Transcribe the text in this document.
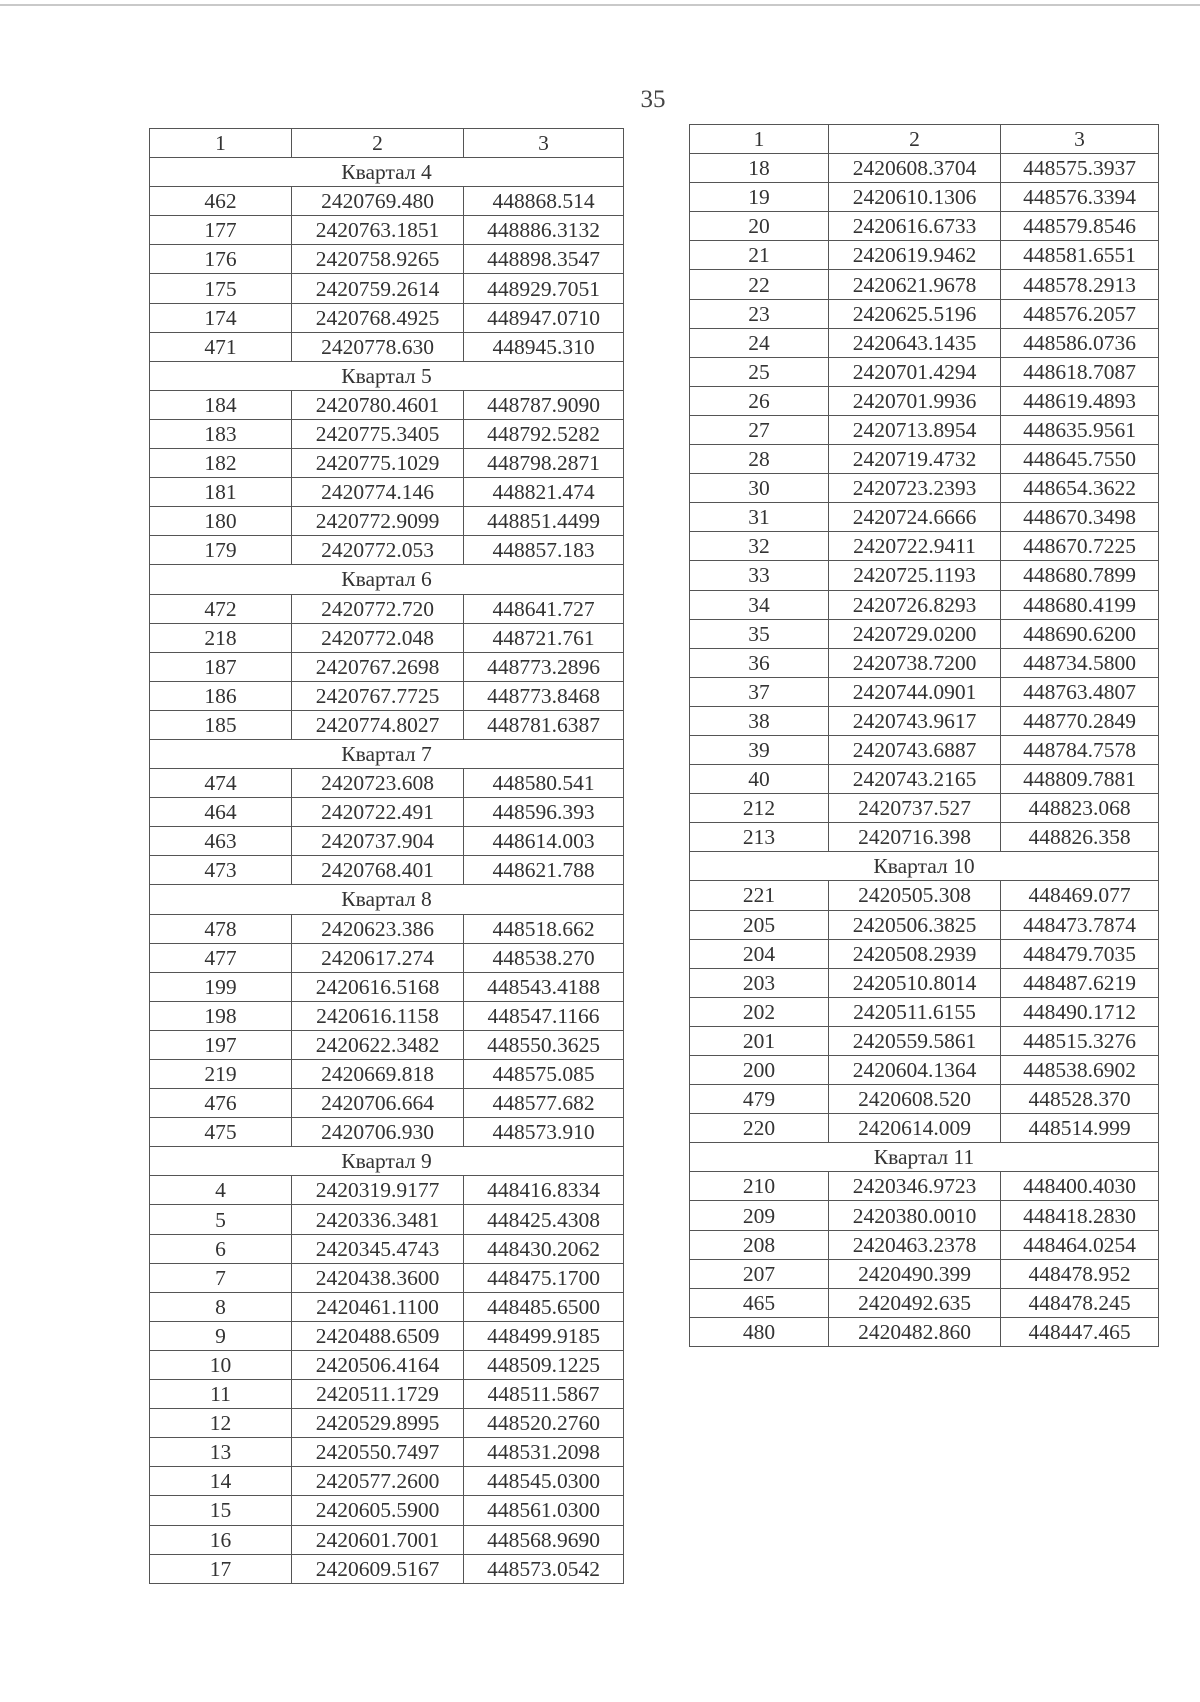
35
1	2	3
Квартал 4		
462	2420769.480	448868.514
177	2420763.1851	448886.3132
176	2420758.9265	448898.3547
175	2420759.2614	448929.7051
174	2420768.4925	448947.0710
471	2420778.630	448945.310
Квартал 5		
184	2420780.4601	448787.9090
183	2420775.3405	448792.5282
182	2420775.1029	448798.2871
181	2420774.146	448821.474
180	2420772.9099	448851.4499
179	2420772.053	448857.183
Квартал 6		
472	2420772.720	448641.727
218	2420772.048	448721.761
187	2420767.2698	448773.2896
186	2420767.7725	448773.8468
185	2420774.8027	448781.6387
Квартал 7		
474	2420723.608	448580.541
464	2420722.491	448596.393
463	2420737.904	448614.003
473	2420768.401	448621.788
Квартал 8		
478	2420623.386	448518.662
477	2420617.274	448538.270
199	2420616.5168	448543.4188
198	2420616.1158	448547.1166
197	2420622.3482	448550.3625
219	2420669.818	448575.085
476	2420706.664	448577.682
475	2420706.930	448573.910
Квартал 9		
4	2420319.9177	448416.8334
5	2420336.3481	448425.4308
6	2420345.4743	448430.2062
7	2420438.3600	448475.1700
8	2420461.1100	448485.6500
9	2420488.6509	448499.9185
10	2420506.4164	448509.1225
11	2420511.1729	448511.5867
12	2420529.8995	448520.2760
13	2420550.7497	448531.2098
14	2420577.2600	448545.0300
15	2420605.5900	448561.0300
16	2420601.7001	448568.9690
17	2420609.5167	448573.0542
1	2	3
18	2420608.3704	448575.3937
19	2420610.1306	448576.3394
20	2420616.6733	448579.8546
21	2420619.9462	448581.6551
22	2420621.9678	448578.2913
23	2420625.5196	448576.2057
24	2420643.1435	448586.0736
25	2420701.4294	448618.7087
26	2420701.9936	448619.4893
27	2420713.8954	448635.9561
28	2420719.4732	448645.7550
30	2420723.2393	448654.3622
31	2420724.6666	448670.3498
32	2420722.9411	448670.7225
33	2420725.1193	448680.7899
34	2420726.8293	448680.4199
35	2420729.0200	448690.6200
36	2420738.7200	448734.5800
37	2420744.0901	448763.4807
38	2420743.9617	448770.2849
39	2420743.6887	448784.7578
40	2420743.2165	448809.7881
212	2420737.527	448823.068
213	2420716.398	448826.358
Квартал 10		
221	2420505.308	448469.077
205	2420506.3825	448473.7874
204	2420508.2939	448479.7035
203	2420510.8014	448487.6219
202	2420511.6155	448490.1712
201	2420559.5861	448515.3276
200	2420604.1364	448538.6902
479	2420608.520	448528.370
220	2420614.009	448514.999
Квартал 11		
210	2420346.9723	448400.4030
209	2420380.0010	448418.2830
208	2420463.2378	448464.0254
207	2420490.399	448478.952
465	2420492.635	448478.245
480	2420482.860	448447.465
